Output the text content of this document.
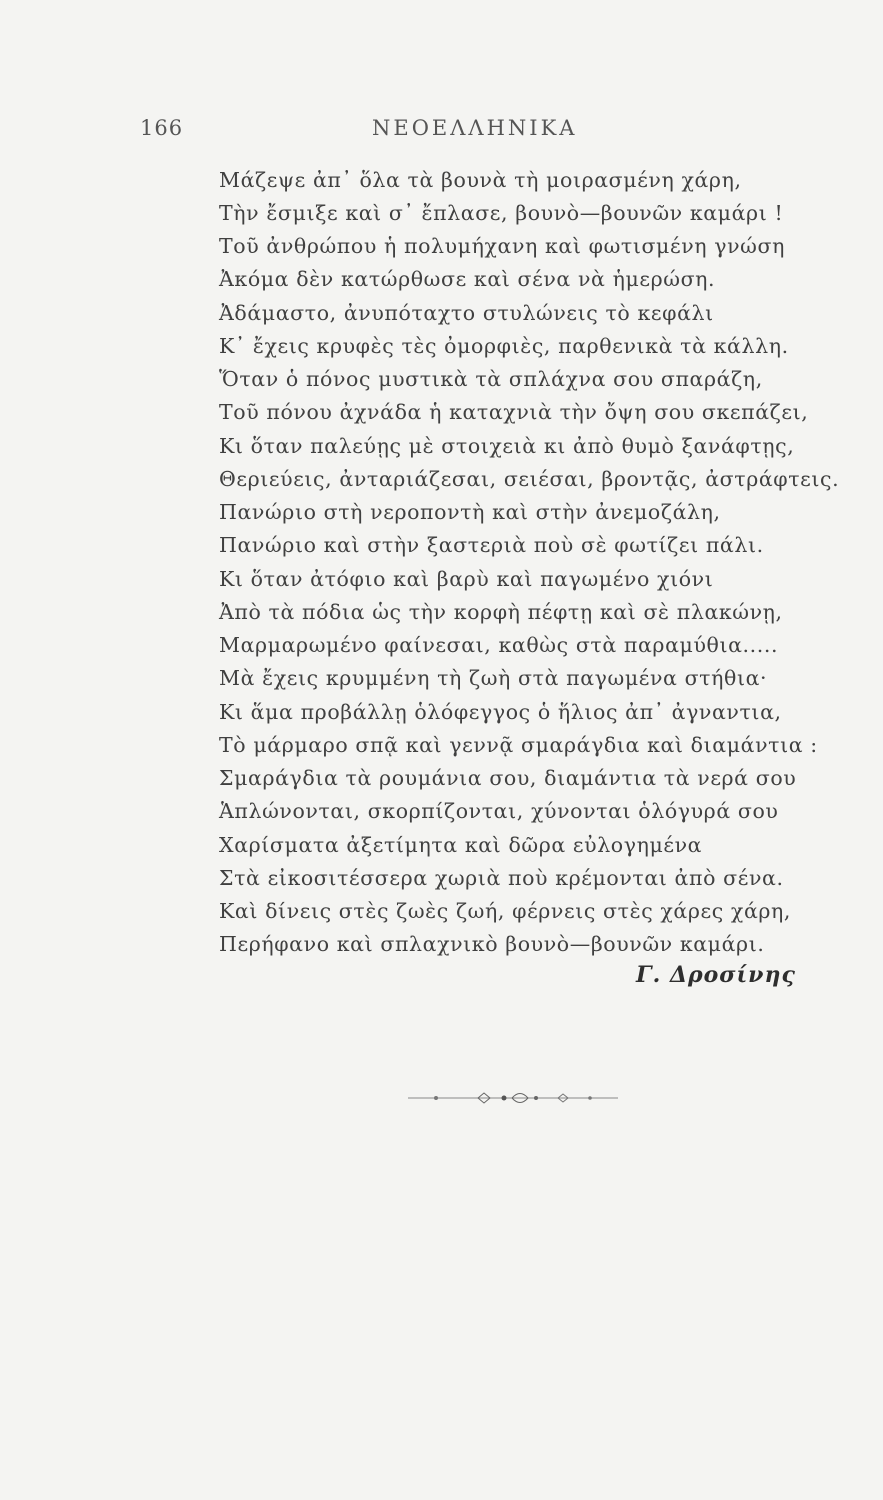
166	ΝΕΟΕΛΛΗΝΙΚΑ
Μάζεψε ἀπ᾽ ὅλα τὰ βουνὰ τὴ μοιρασμένη χάρη,
Τὴν ἔσμιξε καὶ σ᾽ ἔπλασε, βουνὸ—βουνῶν καμάρι !
Τοῦ ἀνθρώπου ἡ πολυμήχανη καὶ φωτισμένη γνώση
Ἀκόμα δὲν κατώρθωσε καὶ σένα νὰ ἡμερώση.
Ἀδάμαστο, ἀνυπόταχτο στυλώνεις τὸ κεφάλι
Κ᾽ ἔχεις κρυφὲς τὲς ὀμορφιὲς, παρθενικὰ τὰ κάλλη.
Ὅταν ὁ πόνος μυστικὰ τὰ σπλάχνα σου σπαράζη,
Τοῦ πόνου ἀχνάδα ἡ καταχνιὰ τὴν ὄψη σου σκεπάζει,
Κι ὅταν παλεύῃς μὲ στοιχειὰ κι ἀπὸ θυμὸ ξανάφτῃς,
Θεριεύεις, ἀνταριάζεσαι, σειέσαι, βροντᾷς, ἀστράφτεις.
Πανώριο στὴ νεροποντὴ καὶ στὴν ἀνεμοζάλη,
Πανώριο καὶ στὴν ξαστεριὰ ποὺ σὲ φωτίζει πάλι.
Κι ὅταν ἀτόφιο καὶ βαρὺ καὶ παγωμένο χιόνι
Ἀπὸ τὰ πόδια ὡς τὴν κορφὴ πέφτῃ καὶ σὲ πλακώνῃ,
Μαρμαρωμένο φαίνεσαι, καθὼς στὰ παραμύθια.....
Μὰ ἔχεις κρυμμένη τὴ ζωὴ στὰ παγωμένα στήθια·
Κι ἅμα προβάλλῃ ὁλόφεγγος ὁ ἥλιος ἀπ᾽ ἀγναντια,
Τὸ μάρμαρο σπᾷ καὶ γεννᾷ σμαράγδια καὶ διαμάντια :
Σμαράγδια τὰ ρουμάνια σου, διαμάντια τὰ νερά σου
Ἁπλώνονται, σκορπίζονται, χύνονται ὁλόγυρά σου
Χαρίσματα ἀξετίμητα καὶ δῶρα εὐλογημένα
Στὰ εἰκοσιτέσσερα χωριὰ ποὺ κρέμονται ἀπὸ σένα.
Καὶ δίνεις στὲς ζωὲς ζωή, φέρνεις στὲς χάρες χάρη,
Περήφανο καὶ σπλαχνικὸ βουνὸ—βουνῶν καμάρι.
Γ. Δροσίνης
